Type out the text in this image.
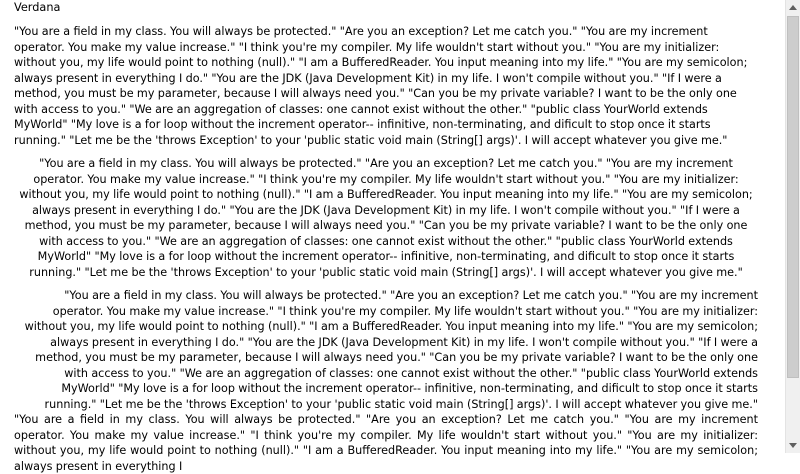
Verdana

"You are a field in my class. You will always be protected." "Are you an exception? Let me catch you." "You are my increment operator. You make my value increase." "I think you're my compiler. My life wouldn't start without you." "You are my initializer: without you, my life would point to nothing (null)." "I am a BufferedReader. You input meaning into my life." "You are my semicolon; always present in everything I do." "You are the JDK (Java Development Kit) in my life. I won't compile without you." "If I were a method, you must be my parameter, because I will always need you." "Can you be my private variable? I want to be the only one with access to you." "We are an aggregation of classes: one cannot exist without the other." "public class YourWorld extends MyWorld" "My love is a for loop without the increment operator-- infinitive, non-terminating, and dificult to stop once it starts running." "Let me be the 'throws Exception' to your 'public static void main (String[] args)'. I will accept whatever you give me."

"You are a field in my class. You will always be protected." "Are you an exception? Let me catch you." "You are my increment operator. You make my value increase." "I think you're my compiler. My life wouldn't start without you." "You are my initializer: without you, my life would point to nothing (null)." "I am a BufferedReader. You input meaning into my life." "You are my semicolon; always present in everything I do." "You are the JDK (Java Development Kit) in my life. I won't compile without you." "If I were a method, you must be my parameter, because I will always need you." "Can you be my private variable? I want to be the only one with access to you." "We are an aggregation of classes: one cannot exist without the other." "public class YourWorld extends MyWorld" "My love is a for loop without the increment operator-- infinitive, non-terminating, and dificult to stop once it starts running." "Let me be the 'throws Exception' to your 'public static void main (String[] args)'. I will accept whatever you give me."

"You are a field in my class. You will always be protected." "Are you an exception? Let me catch you." "You are my increment operator. You make my value increase." "I think you're my compiler. My life wouldn't start without you." "You are my initializer: without you, my life would point to nothing (null)." "I am a BufferedReader. You input meaning into my life." "You are my semicolon; always present in everything I do." "You are the JDK (Java Development Kit) in my life. I won't compile without you." "If I were a method, you must be my parameter, because I will always need you." "Can you be my private variable? I want to be the only one with access to you." "We are an aggregation of classes: one cannot exist without the other." "public class YourWorld extends MyWorld" "My love is a for loop without the increment operator-- infinitive, non-terminating, and dificult to stop once it starts running." "Let me be the 'throws Exception' to your 'public static void main (String[] args)'. I will accept whatever you give me."

"You are a field in my class. You will always be protected." "Are you an exception? Let me catch you." "You are my increment operator. You make my value increase." "I think you're my compiler. My life wouldn't start without you." "You are my initializer: without you, my life would point to nothing (null)." "I am a BufferedReader. You input meaning into my life." "You are my semicolon; always present in everything I
